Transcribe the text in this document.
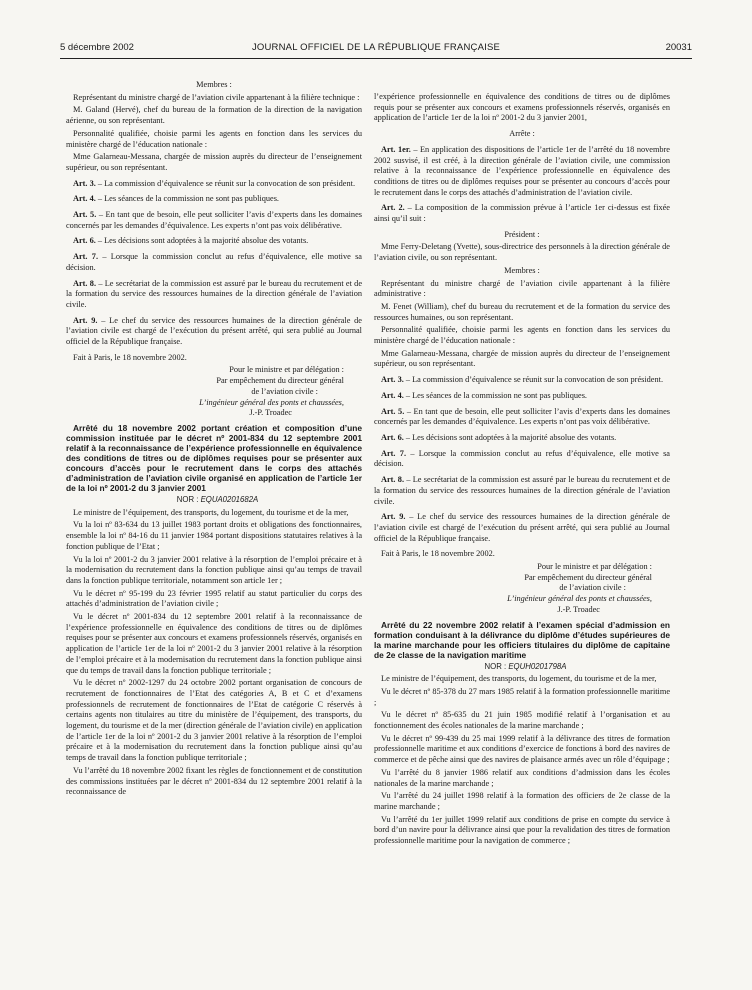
5 décembre 2002	JOURNAL OFFICIEL DE LA RÉPUBLIQUE FRANÇAISE	20031

Membres :

Représentant du ministre chargé de l’aviation civile appartenant à la filière technique :

M. Galand (Hervé), chef du bureau de la formation de la direction de la navigation aérienne, ou son représentant.

Personnalité qualifiée, choisie parmi les agents en fonction dans les services du ministère chargé de l’éducation nationale :

Mme Galarneau-Messana, chargée de mission auprès du directeur de l’enseignement supérieur, ou son représentant.

Art. 3. – La commission d’équivalence se réunit sur la convocation de son président.

Art. 4. – Les séances de la commission ne sont pas publiques.

Art. 5. – En tant que de besoin, elle peut solliciter l’avis d’experts dans les domaines concernés par les demandes d’équivalence. Les experts n’ont pas voix délibérative.

Art. 6. – Les décisions sont adoptées à la majorité absolue des votants.

Art. 7. – Lorsque la commission conclut au refus d’équivalence, elle motive sa décision.

Art. 8. – Le secrétariat de la commission est assuré par le bureau du recrutement et de la formation du service des ressources humaines de la direction générale de l’aviation civile.

Art. 9. – Le chef du service des ressources humaines de la direction générale de l’aviation civile est chargé de l’exécution du présent arrêté, qui sera publié au Journal officiel de la République française.

Fait à Paris, le 18 novembre 2002.

Pour le ministre et par délégation :

Par empêchement du directeur général

de l’aviation civile :

L’ingénieur général des ponts et chaussées,

J.-P. Troadec

Arrêté du 18 novembre 2002 portant création et composition d’une commission instituée par le décret nº 2001-834 du 12 septembre 2001 relatif à la reconnaissance de l’expérience professionnelle en équivalence des conditions de titres ou de diplômes requises pour se présenter aux concours d’accès pour le recrutement dans le corps des attachés d’administration de l’aviation civile organisé en application de l’article 1er de la loi nº 2001-2 du 3 janvier 2001

NOR : EQUA0201682A

Le ministre de l’équipement, des transports, du logement, du tourisme et de la mer,

Vu la loi nº 83-634 du 13 juillet 1983 portant droits et obligations des fonctionnaires, ensemble la loi nº 84-16 du 11 janvier 1984 portant dispositions statutaires relatives à la fonction publique de l’Etat ;

Vu la loi nº 2001-2 du 3 janvier 2001 relative à la résorption de l’emploi précaire et à la modernisation du recrutement dans la fonction publique ainsi qu’au temps de travail dans la fonction publique territoriale, notamment son article 1er ;

Vu le décret nº 95-199 du 23 février 1995 relatif au statut particulier du corps des attachés d’administration de l’aviation civile ;

Vu le décret nº 2001-834 du 12 septembre 2001 relatif à la reconnaissance de l’expérience professionnelle en équivalence des conditions de titres ou de diplômes requises pour se présenter aux concours et examens professionnels réservés, organisés en application de l’article 1er de la loi nº 2001-2 du 3 janvier 2001 relative à la résorption de l’emploi précaire et à la modernisation du recrutement dans la fonction publique ainsi que du temps de travail dans la fonction publique territoriale ;

Vu le décret nº 2002-1297 du 24 octobre 2002 portant organisation de concours de recrutement de fonctionnaires de l’Etat des catégories A, B et C et d’examens professionnels de recrutement de fonctionnaires de l’Etat de catégorie C réservés à certains agents non titulaires au titre du ministère de l’équipement, des transports, du logement, du tourisme et de la mer (direction générale de l’aviation civile) en application de l’article 1er de la loi nº 2001-2 du 3 janvier 2001 relative à la résorption de l’emploi précaire et à la modernisation du recrutement dans la fonction publique ainsi qu’au temps de travail dans la fonction publique territoriale ;

Vu l’arrêté du 18 novembre 2002 fixant les règles de fonctionnement et de constitution des commissions instituées par le décret nº 2001-834 du 12 septembre 2001 relatif à la reconnaissance de

l’expérience professionnelle en équivalence des conditions de titres ou de diplômes requis pour se présenter aux concours et examens professionnels réservés, organisés en application de l’article 1er de la loi nº 2001-2 du 3 janvier 2001,

Arrête :

Art. 1er. – En application des dispositions de l’article 1er de l’arrêté du 18 novembre 2002 susvisé, il est créé, à la direction générale de l’aviation civile, une commission relative à la reconnaissance de l’expérience professionnelle en équivalence des conditions de titres ou de diplômes requises pour se présenter au concours d’accès pour le recrutement dans le corps des attachés d’administration de l’aviation civile.

Art. 2. – La composition de la commission prévue à l’article 1er ci-dessus est fixée ainsi qu’il suit :

Président :

Mme Ferry-Deletang (Yvette), sous-directrice des personnels à la direction générale de l’aviation civile, ou son représentant.

Membres :

Représentant du ministre chargé de l’aviation civile appartenant à la filière administrative :

M. Fenet (William), chef du bureau du recrutement et de la formation du service des ressources humaines, ou son représentant.

Personnalité qualifiée, choisie parmi les agents en fonction dans les services du ministère chargé de l’éducation nationale :

Mme Galarneau-Messana, chargée de mission auprès du directeur de l’enseignement supérieur, ou son représentant.

Art. 3. – La commission d’équivalence se réunit sur la convocation de son président.

Art. 4. – Les séances de la commission ne sont pas publiques.

Art. 5. – En tant que de besoin, elle peut solliciter l’avis d’experts dans les domaines concernés par les demandes d’équivalence. Les experts n’ont pas voix délibérative.

Art. 6. – Les décisions sont adoptées à la majorité absolue des votants.

Art. 7. – Lorsque la commission conclut au refus d’équivalence, elle motive sa décision.

Art. 8. – Le secrétariat de la commission est assuré par le bureau du recrutement et de la formation du service des ressources humaines de la direction générale de l’aviation civile.

Art. 9. – Le chef du service des ressources humaines de la direction générale de l’aviation civile est chargé de l’exécution du présent arrêté, qui sera publié au Journal officiel de la République française.

Fait à Paris, le 18 novembre 2002.

Pour le ministre et par délégation :

Par empêchement du directeur général

de l’aviation civile :

L’ingénieur général des ponts et chaussées,

J.-P. Troadec

Arrêté du 22 novembre 2002 relatif à l’examen spécial d’admission en formation conduisant à la délivrance du diplôme d’études supérieures de la marine marchande pour les officiers titulaires du diplôme de capitaine de 2e classe de la navigation maritime

NOR : EQUH0201798A

Le ministre de l’équipement, des transports, du logement, du tourisme et de la mer,

Vu le décret nº 85-378 du 27 mars 1985 relatif à la formation professionnelle maritime ;

Vu le décret nº 85-635 du 21 juin 1985 modifié relatif à l’organisation et au fonctionnement des écoles nationales de la marine marchande ;

Vu le décret nº 99-439 du 25 mai 1999 relatif à la délivrance des titres de formation professionnelle maritime et aux conditions d’exercice de fonctions à bord des navires de commerce et de pêche ainsi que des navires de plaisance armés avec un rôle d’équipage ;

Vu l’arrêté du 8 janvier 1986 relatif aux conditions d’admission dans les écoles nationales de la marine marchande ;

Vu l’arrêté du 24 juillet 1998 relatif à la formation des officiers de 2e classe de la marine marchande ;

Vu l’arrêté du 1er juillet 1999 relatif aux conditions de prise en compte du service à bord d’un navire pour la délivrance ainsi que pour la revalidation des titres de formation professionnelle maritime pour la navigation de commerce ;
